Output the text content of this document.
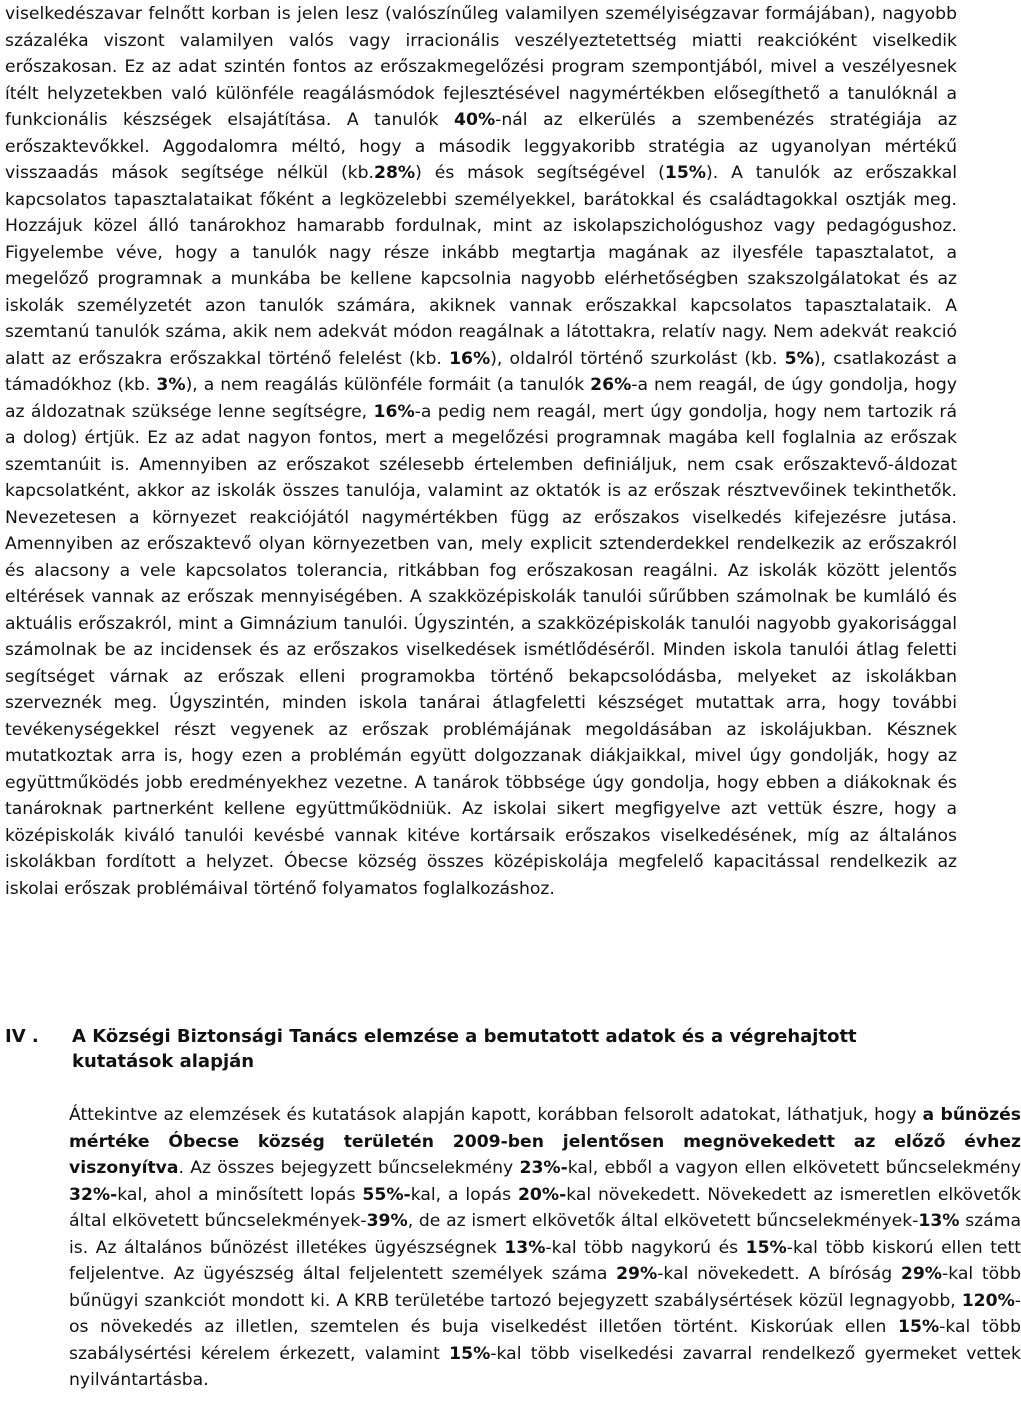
viselkedészavar felnőtt korban is jelen lesz (valószínűleg valamilyen személyiségzavar formájában), nagyobb százaléka viszont valamilyen valós vagy irracionális veszélyeztetettség miatti reakcióként viselkedik erőszakosan. Ez az adat szintén fontos az erőszakmegelőzési program szempontjából, mivel a veszélyesnek ítélt helyzetekben való különféle reagálásmódok fejlesztésével nagymértékben elősegíthető a tanulóknál a funkcionális készségek elsajátítása. A tanulók 40%-nál az elkerülés a szembenézés stratégiája az erőszaktevőkkel. Aggodalomra méltó, hogy a második leggyakoribb stratégia az ugyanolyan mértékű visszaadás mások segítsége nélkül (kb.28%) és mások segítségével (15%). A tanulók az erőszakkal kapcsolatos tapasztalataikat főként a legközelebbi személyekkel, barátokkal és családtagokkal osztják meg. Hozzájuk közel álló tanárokhoz hamarabb fordulnak, mint az iskolapszichológushoz vagy pedagógushoz. Figyelembe véve, hogy a tanulók nagy része inkább megtartja magának az ilyesféle tapasztalatot, a megelőző programnak a munkába be kellene kapcsolnia nagyobb elérhetőségben szakszolgálatokat és az iskolák személyzetét azon tanulók számára, akiknek vannak erőszakkal kapcsolatos tapasztalataik. A szemtanú tanulók száma, akik nem adekvát módon reagálnak a látottakra, relatív nagy. Nem adekvát reakció alatt az erőszakra erőszakkal történő felelést (kb. 16%), oldalról történő szurkolást (kb. 5%), csatlakozást a támadókhoz (kb. 3%), a nem reagálás különféle formáit (a tanulók 26%-a nem reagál, de úgy gondolja, hogy az áldozatnak szüksége lenne segítségre, 16%-a pedig nem reagál, mert úgy gondolja, hogy nem tartozik rá a dolog) értjük. Ez az adat nagyon fontos, mert a megelőzési programnak magába kell foglalnia az erőszak szemtanúit is. Amennyiben az erőszakot szélesebb értelemben definiáljuk, nem csak erőszaktevő-áldozat kapcsolatként, akkor az iskolák összes tanulója, valamint az oktatók is az erőszak résztvevőinek tekinthetők. Nevezetesen a környezet reakciójától nagymértékben függ az erőszakos viselkedés kifejezésre jutása. Amennyiben az erőszaktevő olyan környezetben van, mely explicit sztenderdekkel rendelkezik az erőszakról és alacsony a vele kapcsolatos tolerancia, ritkábban fog erőszakosan reagálni. Az iskolák között jelentős eltérések vannak az erőszak mennyiségében. A szakközépiskolák tanulói sűrűbben számolnak be kumláló és aktuális erőszakról, mint a Gimnázium tanulói. Úgyszintén, a szakközépiskolák tanulói nagyobb gyakorisággal számolnak be az incidensek és az erőszakos viselkedések ismétlődéséről. Minden iskola tanulói átlag feletti segítséget várnak az erőszak elleni programokba történő bekapcsolódásba, melyeket az iskolákban szerveznék meg. Úgyszintén, minden iskola tanárai átlagfeletti készséget mutattak arra, hogy további tevékenységekkel részt vegyenek az erőszak problémájának megoldásában az iskolájukban. Késznek mutatkoztak arra is, hogy ezen a problémán együtt dolgozzanak diákjaikkal, mivel úgy gondolják, hogy az együttműködés jobb eredményekhez vezetne. A tanárok többsége úgy gondolja, hogy ebben a diákoknak és tanároknak partnerként kellene együttműködniük. Az iskolai sikert megfigyelve azt vettük észre, hogy a középiskolák kiváló tanulói kevésbé vannak kitéve kortársaik erőszakos viselkedésének, míg az általános iskolákban fordított a helyzet. Óbecse község összes középiskolája megfelelő kapacitással rendelkezik az iskolai erőszak problémáival történő folyamatos foglalkozáshoz.

IV .	A Községi Biztonsági Tanács elemzése a bemutatott adatok és a végrehajtott kutatások alapján

Áttekintve az elemzések és kutatások alapján kapott, korábban felsorolt adatokat, láthatjuk, hogy a bűnözés mértéke Óbecse község területén 2009-ben jelentősen megnövekedett az előző évhez viszonyítva. Az összes bejegyzett bűncselekmény 23%-kal, ebből a vagyon ellen elkövetett bűncselekmény 32%-kal, ahol a minősített lopás 55%-kal, a lopás 20%-kal növekedett. Növekedett az ismeretlen elkövetők által elkövetett bűncselekmények-39%, de az ismert elkövetők által elkövetett bűncselekmények-13% száma is. Az általános bűnözést illetékes ügyészségnek 13%-kal több nagykorú és 15%-kal több kiskorú ellen tett feljelentve. Az ügyészség által feljelentett személyek száma 29%-kal növekedett. A bíróság 29%-kal több bűnügyi szankciót mondott ki. A KRB területébe tartozó bejegyzett szabálysértések közül legnagyobb, 120%-os növekedés az illetlen, szemtelen és buja viselkedést illetően történt. Kiskorúak ellen 15%-kal több szabálysértési kérelem érkezett, valamint 15%-kal több viselkedési zavarral rendelkező gyermeket vettek nyilvántartásba.
